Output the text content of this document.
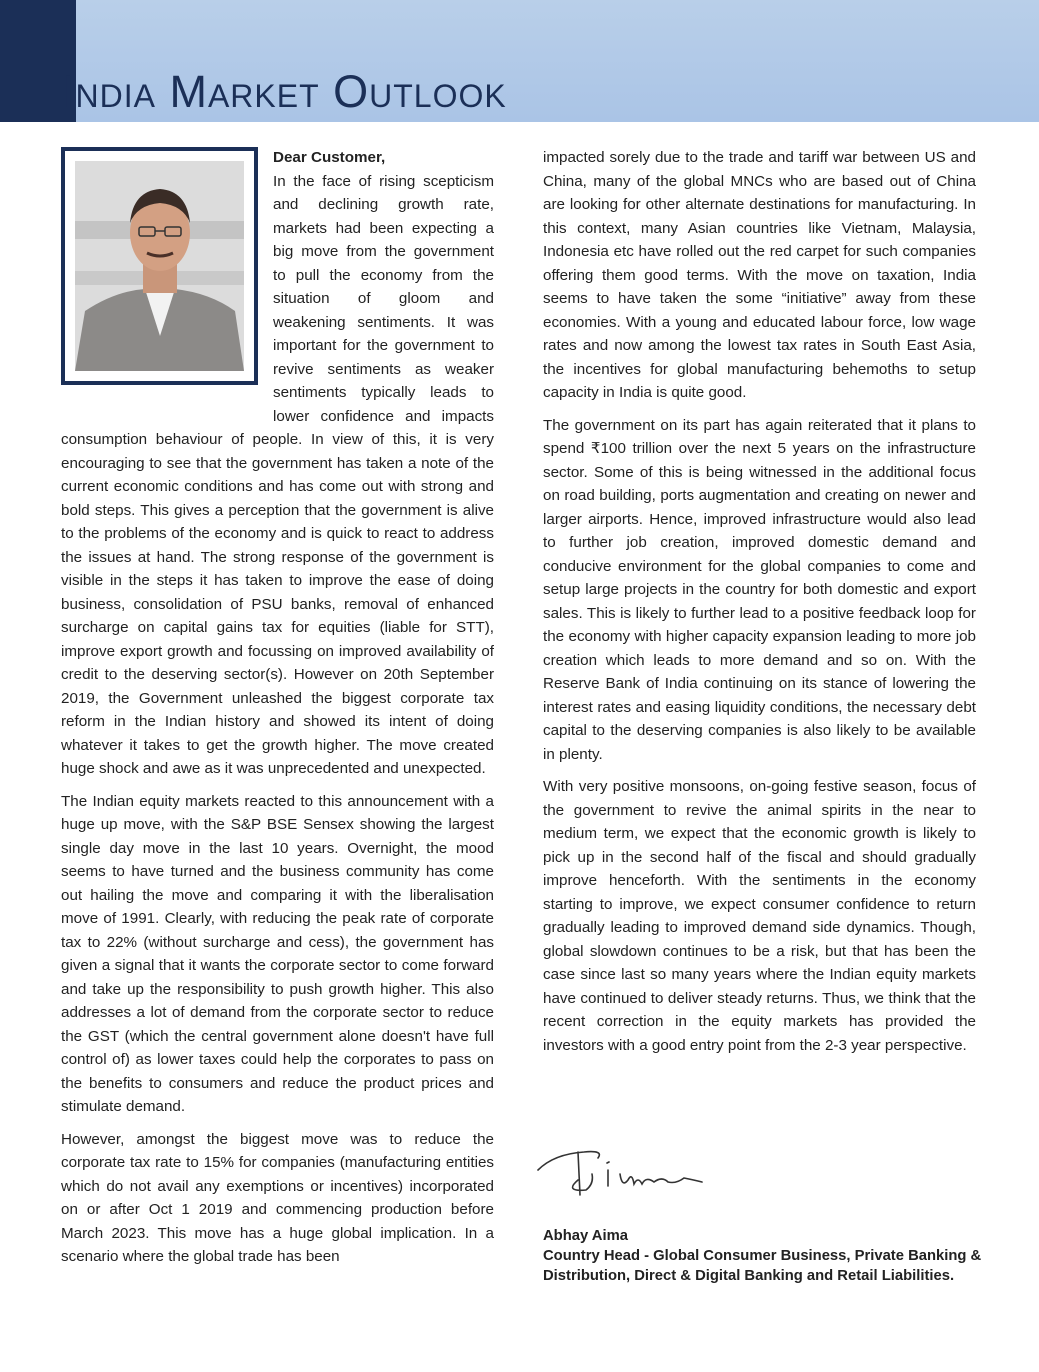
India Market Outlook

Dear Customer,
In the face of rising scepticism and declining growth rate, markets had been expecting a big move from the government to pull the economy from the situation of gloom and weakening sentiments. It was important for the government to revive sentiments as weaker sentiments typically leads to lower confidence and impacts consumption behaviour of people. In view of this, it is very encouraging to see that the government has taken a note of the current economic conditions and has come out with strong and bold steps. This gives a perception that the government is alive to the problems of the economy and is quick to react to address the issues at hand. The strong response of the government is visible in the steps it has taken to improve the ease of doing business, consolidation of PSU banks, removal of enhanced surcharge on capital gains tax for equities (liable for STT), improve export growth and focussing on improved availability of credit to the deserving sector(s). However on 20th September 2019, the Government unleashed the biggest corporate tax reform in the Indian history and showed its intent of doing whatever it takes to get the growth higher. The move created huge shock and awe as it was unprecedented and unexpected.

The Indian equity markets reacted to this announcement with a huge up move, with the S&P BSE Sensex showing the largest single day move in the last 10 years. Overnight, the mood seems to have turned and the business community has come out hailing the move and comparing it with the liberalisation move of 1991. Clearly, with reducing the peak rate of corporate tax to 22% (without surcharge and cess), the government has given a signal that it wants the corporate sector to come forward and take up the responsibility to push growth higher. This also addresses a lot of demand from the corporate sector to reduce the GST (which the central government alone doesn't have full control of) as lower taxes could help the corporates to pass on the benefits to consumers and reduce the product prices and stimulate demand.

However, amongst the biggest move was to reduce the corporate tax rate to 15% for companies (manufacturing entities which do not avail any exemptions or incentives) incorporated on or after Oct 1 2019 and commencing production before March 2023. This move has a huge global implication. In a scenario where the global trade has been

impacted sorely due to the trade and tariff war between US and China, many of the global MNCs who are based out of China are looking for other alternate destinations for manufacturing. In this context, many Asian countries like Vietnam, Malaysia, Indonesia etc have rolled out the red carpet for such companies offering them good terms. With the move on taxation, India seems to have taken the some “initiative” away from these economies. With a young and educated labour force, low wage rates and now among the lowest tax rates in South East Asia, the incentives for global manufacturing behemoths to setup capacity in India is quite good.

The government on its part has again reiterated that it plans to spend ₹100 trillion over the next 5 years on the infrastructure sector. Some of this is being witnessed in the additional focus on road building, ports augmentation and creating on newer and larger airports. Hence, improved infrastructure would also lead to further job creation, improved domestic demand and conducive environment for the global companies to come and setup large projects in the country for both domestic and export sales. This is likely to further lead to a positive feedback loop for the economy with higher capacity expansion leading to more job creation which leads to more demand and so on. With the Reserve Bank of India continuing on its stance of lowering the interest rates and easing liquidity conditions, the necessary debt capital to the deserving companies is also likely to be available in plenty.

With very positive monsoons, on-going festive season, focus of the government to revive the animal spirits in the near to medium term, we expect that the economic growth is likely to pick up in the second half of the fiscal and should gradually improve henceforth. With the sentiments in the economy starting to improve, we expect consumer confidence to return gradually leading to improved demand side dynamics. Though, global slowdown continues to be a risk, but that has been the case since last so many years where the Indian equity markets have continued to deliver steady returns. Thus, we think that the recent correction in the equity markets has provided the investors with a good entry point from the 2-3 year perspective.

Abhay Aima
Country Head - Global Consumer Business, Private Banking & Distribution, Direct & Digital Banking and Retail Liabilities.
